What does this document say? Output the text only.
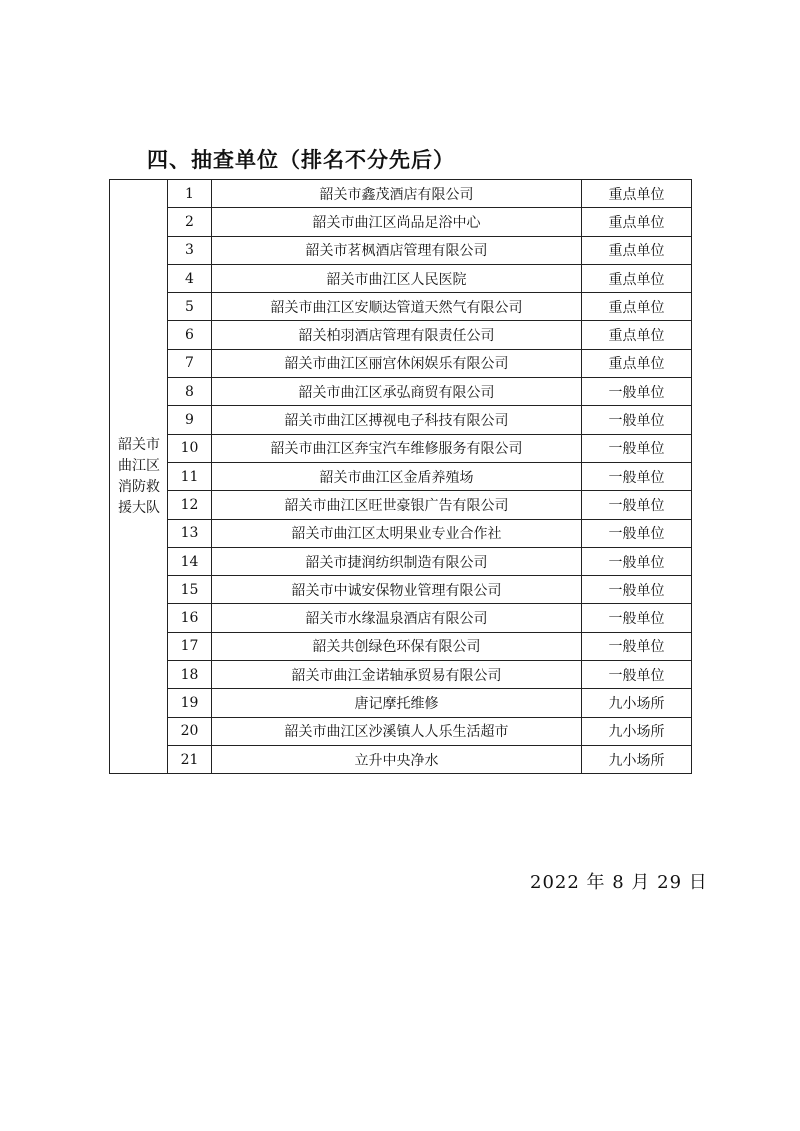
四、抽查单位（排名不分先后）
韶关市曲江区消防救援大队	1	韶关市鑫茂酒店有限公司	重点单位
	2	韶关市曲江区尚品足浴中心	重点单位
	3	韶关市茗枫酒店管理有限公司	重点单位
	4	韶关市曲江区人民医院	重点单位
	5	韶关市曲江区安顺达管道天然气有限公司	重点单位
	6	韶关柏羽酒店管理有限责任公司	重点单位
	7	韶关市曲江区丽宫休闲娱乐有限公司	重点单位
	8	韶关市曲江区承弘商贸有限公司	一般单位
	9	韶关市曲江区搏视电子科技有限公司	一般单位
	10	韶关市曲江区奔宝汽车维修服务有限公司	一般单位
	11	韶关市曲江区金盾养殖场	一般单位
	12	韶关市曲江区旺世豪银广告有限公司	一般单位
	13	韶关市曲江区太明果业专业合作社	一般单位
	14	韶关市捷润纺织制造有限公司	一般单位
	15	韶关市中诚安保物业管理有限公司	一般单位
	16	韶关市水缘温泉酒店有限公司	一般单位
	17	韶关共创绿色环保有限公司	一般单位
	18	韶关市曲江金诺轴承贸易有限公司	一般单位
	19	唐记摩托维修	九小场所
	20	韶关市曲江区沙溪镇人人乐生活超市	九小场所
	21	立升中央净水	九小场所
2022 年 8 月 29 日
